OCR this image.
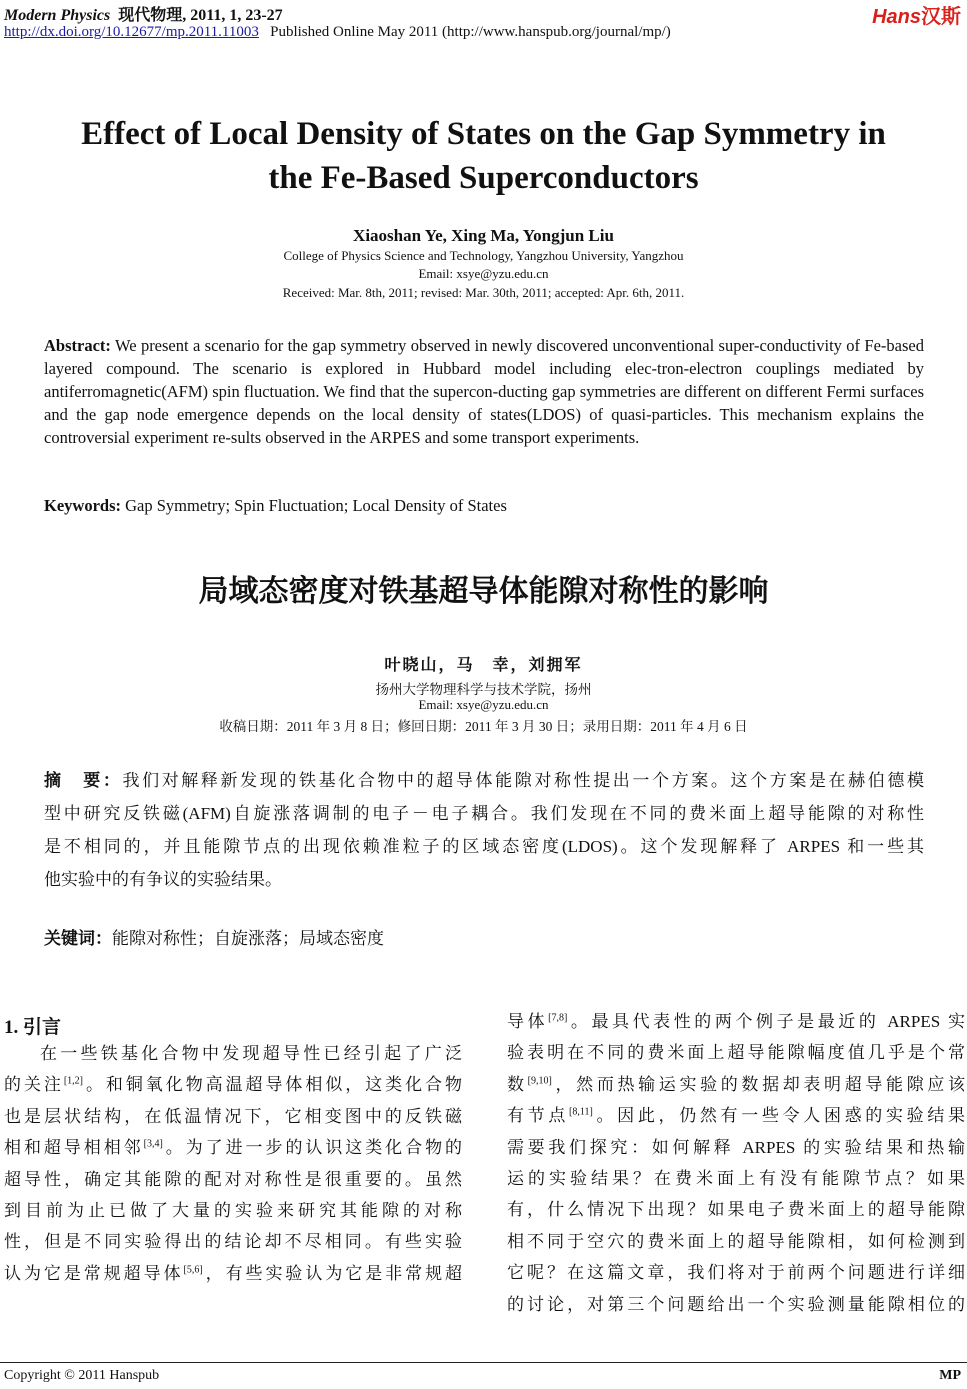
Modern Physics 现代物理, 2011, 1, 23-27
http://dx.doi.org/10.12677/mp.2011.11003 Published Online May 2011 (http://www.hanspub.org/journal/mp/)
Hans汉斯
Effect of Local Density of States on the Gap Symmetry in
the Fe-Based Superconductors
Xiaoshan Ye, Xing Ma, Yongjun Liu
College of Physics Science and Technology, Yangzhou University, Yangzhou
Email: xsye@yzu.edu.cn
Received: Mar. 8th, 2011; revised: Mar. 30th, 2011; accepted: Apr. 6th, 2011.
Abstract: We present a scenario for the gap symmetry observed in newly discovered unconventional super-conductivity of Fe-based layered compound. The scenario is explored in Hubbard model including elec-tron-electron couplings mediated by antiferromagnetic(AFM) spin fluctuation. We find that the supercon-ducting gap symmetries are different on different Fermi surfaces and the gap node emergence depends on the local density of states(LDOS) of quasi-particles. This mechanism explains the controversial experiment re-sults observed in the ARPES and some transport experiments.
Keywords: Gap Symmetry; Spin Fluctuation; Local Density of States
局域态密度对铁基超导体能隙对称性的影响
叶晓山，马　幸，刘拥军
扬州大学物理科学与技术学院，扬州
Email: xsye@yzu.edu.cn
收稿日期：2011 年 3 月 8 日；修回日期：2011 年 3 月 30 日；录用日期：2011 年 4 月 6 日
摘　要：我们对解释新发现的铁基化合物中的超导体能隙对称性提出一个方案。这个方案是在赫伯德模
型中研究反铁磁(AFM)自旋涨落调制的电子－电子耦合。我们发现在不同的费米面上超导能隙的对称性
是不相同的，并且能隙节点的出现依赖准粒子的区域态密度(LDOS)。这个发现解释了 ARPES 和一些其
他实验中的有争议的实验结果。
关键词：能隙对称性；自旋涨落；局域态密度
1. 引言
在一些铁基化合物中发现超导性已经引起了广泛
的关注[1,2]。和铜氧化物高温超导体相似，这类化合物
也是层状结构，在低温情况下，它相变图中的反铁磁
相和超导相相邻[3,4]。为了进一步的认识这类化合物的
超导性，确定其能隙的配对对称性是很重要的。虽然
到目前为止已做了大量的实验来研究其能隙的对称
性，但是不同实验得出的结论却不尽相同。有些实验
认为它是常规超导体[5,6]，有些实验认为它是非常规超
导体[7,8]。最具代表性的两个例子是最近的 ARPES 实
验表明在不同的费米面上超导能隙幅度值几乎是个常
数[9,10]，然而热输运实验的数据却表明超导能隙应该
有节点[8,11]。因此，仍然有一些令人困惑的实验结果
需要我们探究：如何解释 ARPES 的实验结果和热输
运的实验结果？在费米面上有没有能隙节点？如果
有，什么情况下出现？如果电子费米面上的超导能隙
相不同于空穴的费米面上的超导能隙相，如何检测到
它呢？在这篇文章，我们将对于前两个问题进行详细
的讨论，对第三个问题给出一个实验测量能隙相位的
Copyright © 2011 Hanspub	MP
